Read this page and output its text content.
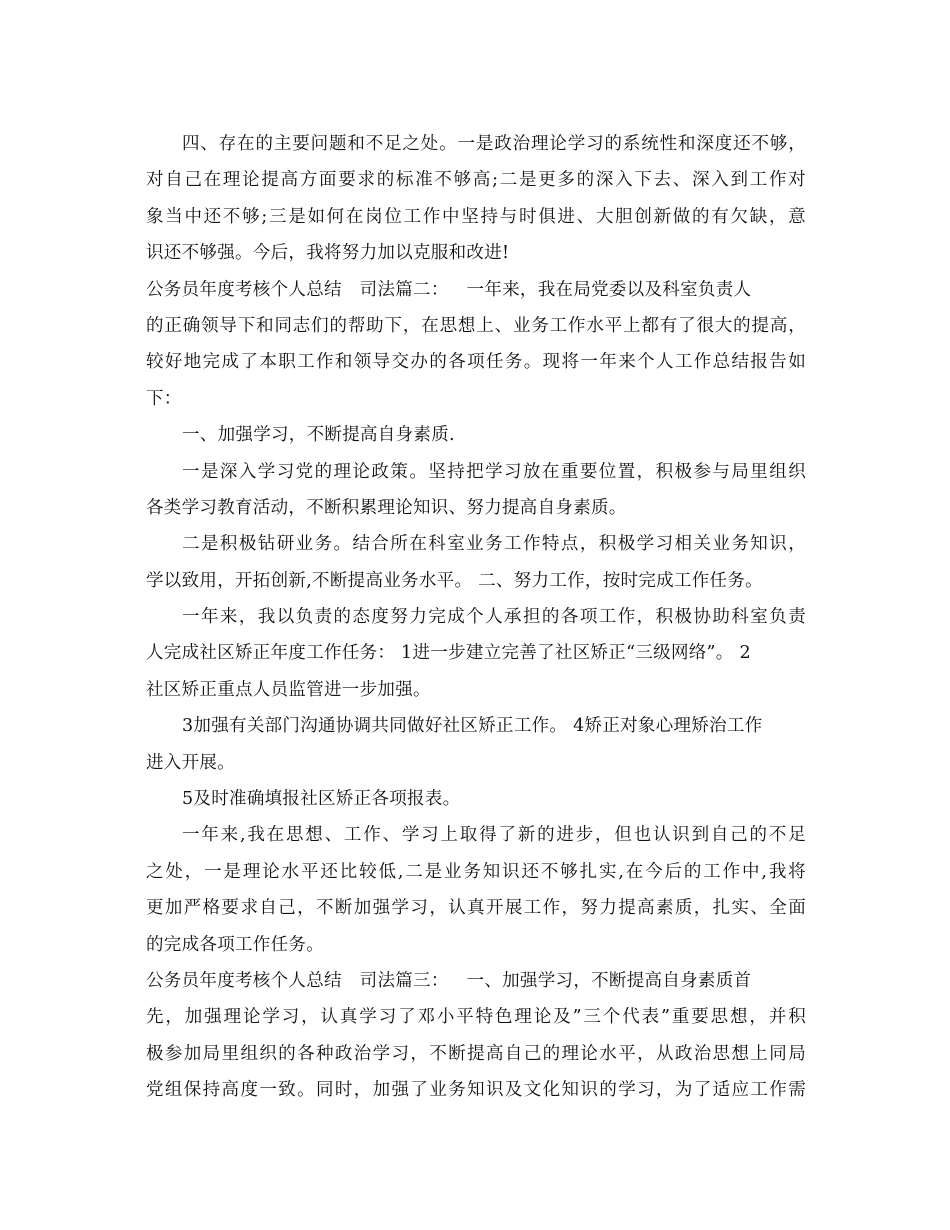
四、存在的主要问题和不足之处。一是政治理论学习的系统性和深度还不够，
对自己在理论提高方面要求的标准不够高;二是更多的深入下去、深入到工作对
象当中还不够;三是如何在岗位工作中坚持与时俱进、大胆创新做的有欠缺，意
识还不够强。今后，我将努力加以克服和改进!
公务员年度考核个人总结 司法篇二： 一年来，我在局党委以及科室负责人
的正确领导下和同志们的帮助下，在思想上、业务工作水平上都有了很大的提高，
较好地完成了本职工作和领导交办的各项任务。现将一年来个人工作总结报告如
下：
一、加强学习，不断提高自身素质.
一是深入学习党的理论政策。坚持把学习放在重要位置，积极参与局里组织
各类学习教育活动，不断积累理论知识、努力提高自身素质。
二是积极钻研业务。结合所在科室业务工作特点，积极学习相关业务知识，
学以致用，开拓创新,不断提高业务水平。 二、努力工作，按时完成工作任务。
一年来，我以负责的态度努力完成个人承担的各项工作，积极协助科室负责
人完成社区矫正年度工作任务： 1进一步建立完善了社区矫正“三级网络”。 2
社区矫正重点人员监管进一步加强。
3加强有关部门沟通协调共同做好社区矫正工作。 4矫正对象心理矫治工作
进入开展。
5及时准确填报社区矫正各项报表。
一年来,我在思想、工作、学习上取得了新的进步，但也认识到自己的不足
之处，一是理论水平还比较低,二是业务知识还不够扎实,在今后的工作中,我将
更加严格要求自己，不断加强学习，认真开展工作，努力提高素质，扎实、全面
的完成各项工作任务。
公务员年度考核个人总结 司法篇三： 一、加强学习，不断提高自身素质首
先，加强理论学习，认真学习了邓小平特色理论及”三个代表”重要思想，并积
极参加局里组织的各种政治学习，不断提高自己的理论水平，从政治思想上同局
党组保持高度一致。同时，加强了业务知识及文化知识的学习，为了适应工作需
